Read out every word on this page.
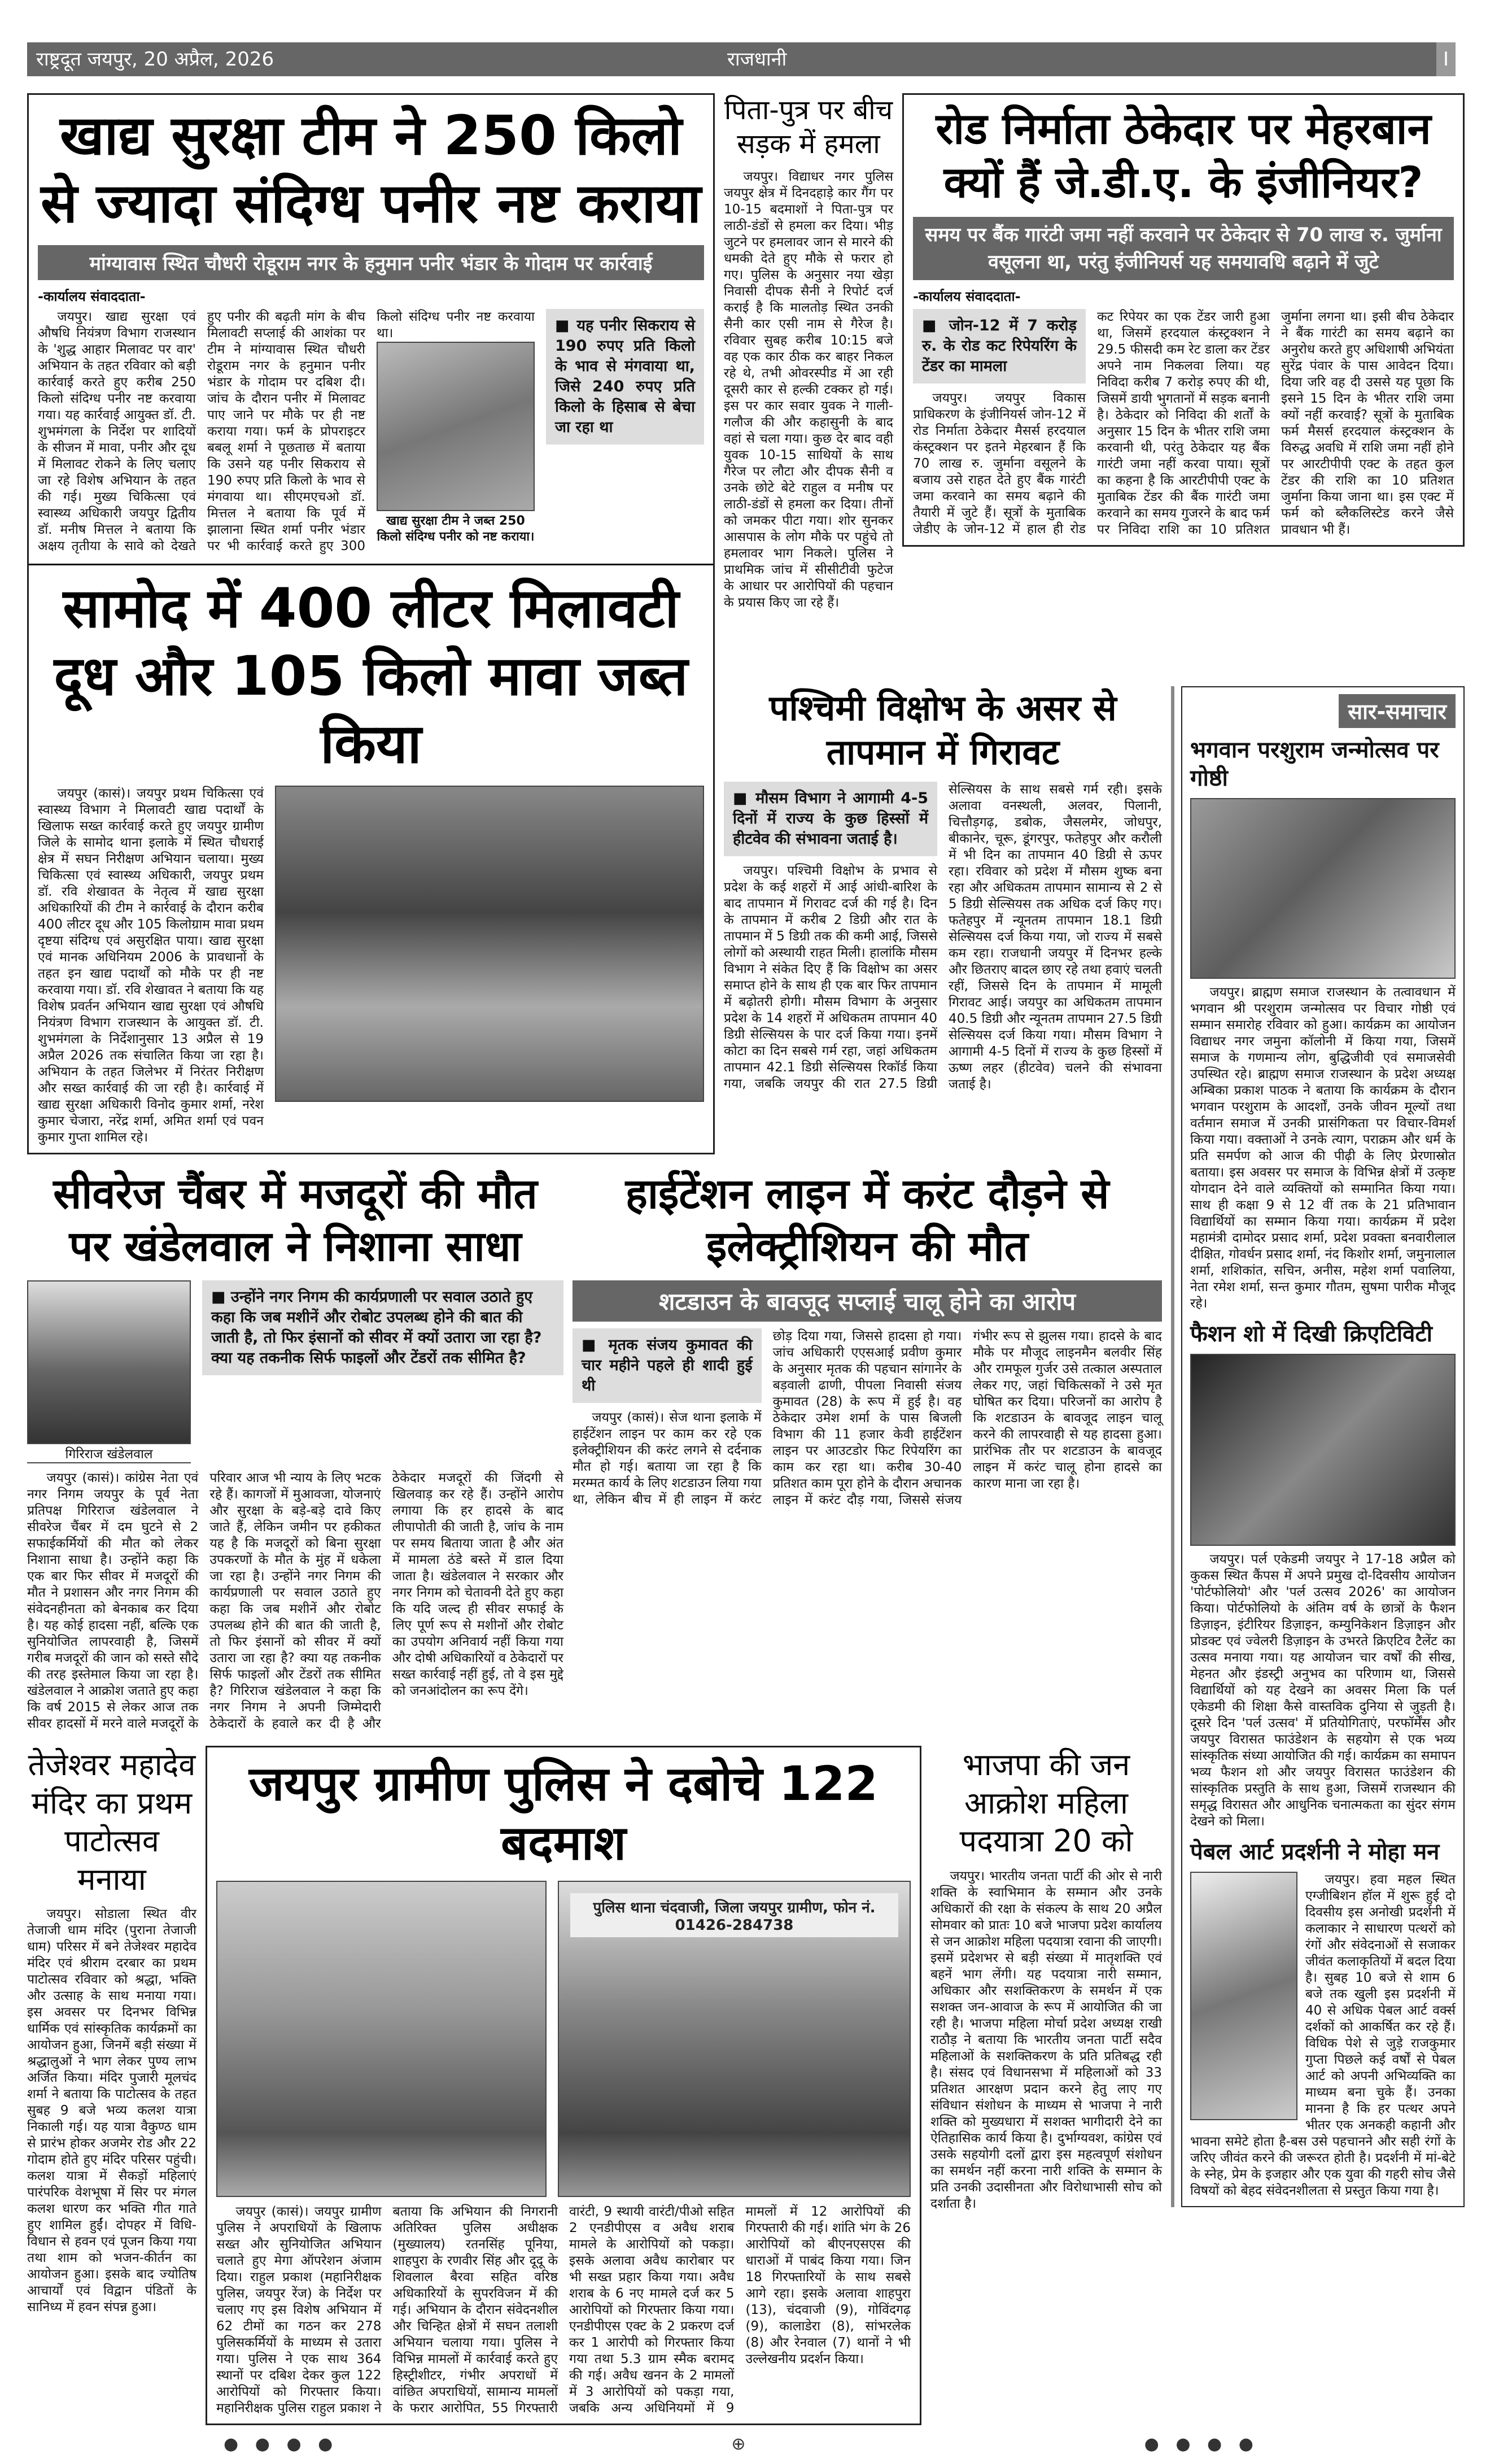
राष्ट्रदूत जयपुर, 20 अप्रैल, 2026	राजधानी	I
खाद्य सुरक्षा टीम ने 250 किलो से ज्यादा संदिग्ध पनीर नष्ट कराया
मांग्यावास स्थित चौधरी रोडूराम नगर के हनुमान पनीर भंडार के गोदाम पर कार्रवाई
-कार्यालय संवाददाता-

जयपुर। खाद्य सुरक्षा एवं औषधि नियंत्रण विभाग राजस्थान के 'शुद्ध आहार मिलावट पर वार' अभियान के तहत रविवार को बड़ी कार्रवाई करते हुए करीब 250 किलो संदिग्ध पनीर नष्ट करवाया गया। यह कार्रवाई आयुक्त डॉ. टी. शुभमंगला के निर्देश पर शादियों के सीजन में मावा, पनीर और दूध में मिलावट रोकने के लिए चलाए जा रहे विशेष अभियान के तहत की गई। मुख्य चिकित्सा एवं स्वास्थ्य अधिकारी जयपुर द्वितीय डॉ. मनीष मित्तल ने बताया कि अक्षय तृतीया के सावे को देखते हुए पनीर की बढ़ती मांग के बीच मिलावटी सप्लाई की आशंका पर टीम ने मांग्यावास स्थित चौधरी रोडूराम नगर के हनुमान पनीर भंडार के गोदाम पर दबिश दी। जांच के दौरान पनीर में मिलावट पाए जाने पर मौके पर ही नष्ट कराया गया। फर्म के प्रोपराइटर बबलू शर्मा ने पूछताछ में बताया कि उसने यह पनीर सिकराय से 190 रुपए प्रति किलो के भाव से मंगवाया था। सीएमएचओ डॉ. मित्तल ने बताया कि पूर्व में झालाना स्थित शर्मा पनीर भंडार पर भी कार्रवाई करते हुए 300 किलो संदिग्ध पनीर नष्ट करवाया था।

खाद्य सुरक्षा टीम ने जब्त 250 किलो संदिग्ध पनीर को नष्ट कराया।
■ यह पनीर सिकराय से 190 रुपए प्रति किलो के भाव से मंगवाया था, जिसे 240 रुपए प्रति किलो के हिसाब से बेचा जा रहा था
सामोद में 400 लीटर मिलावटी दूध और 105 किलो मावा जब्त किया

जयपुर (कासं)। जयपुर प्रथम चिकित्सा एवं स्वास्थ्य विभाग ने मिलावटी खाद्य पदार्थों के खिलाफ सख्त कार्रवाई करते हुए जयपुर ग्रामीण जिले के सामोद थाना इलाके में स्थित चौधराई क्षेत्र में सघन निरीक्षण अभियान चलाया। मुख्य चिकित्सा एवं स्वास्थ्य अधिकारी, जयपुर प्रथम डॉ. रवि शेखावत के नेतृत्व में खाद्य सुरक्षा अधिकारियों की टीम ने कार्रवाई के दौरान करीब 400 लीटर दूध और 105 किलोग्राम मावा प्रथम दृष्टया संदिग्ध एवं असुरक्षित पाया। खाद्य सुरक्षा एवं मानक अधिनियम 2006 के प्रावधानों के तहत इन खाद्य पदार्थों को मौके पर ही नष्ट करवाया गया। डॉ. रवि शेखावत ने बताया कि यह विशेष प्रवर्तन अभियान खाद्य सुरक्षा एवं औषधि नियंत्रण विभाग राजस्थान के आयुक्त डॉ. टी. शुभमंगला के निर्देशानुसार 13 अप्रैल से 19 अप्रैल 2026 तक संचालित किया जा रहा है। अभियान के तहत जिलेभर में निरंतर निरीक्षण और सख्त कार्रवाई की जा रही है। कार्रवाई में खाद्य सुरक्षा अधिकारी विनोद कुमार शर्मा, नरेश कुमार चेजारा, नरेंद्र शर्मा, अमित शर्मा एवं पवन कुमार गुप्ता शामिल रहे।

पिता-पुत्र पर बीच सड़क में हमला

जयपुर। विद्याधर नगर पुलिस जयपुर क्षेत्र में दिनदहाड़े कार गैंग पर 10-15 बदमाशों ने पिता-पुत्र पर लाठी-डंडों से हमला कर दिया। भीड़ जुटने पर हमलावर जान से मारने की धमकी देते हुए मौके से फरार हो गए। पुलिस के अनुसार नया खेड़ा निवासी दीपक सैनी ने रिपोर्ट दर्ज कराई है कि मालतोड़ स्थित उनकी सैनी कार एसी नाम से गैरेज है। रविवार सुबह करीब 10:15 बजे वह एक कार ठीक कर बाहर निकल रहे थे, तभी ओवरस्पीड में आ रही दूसरी कार से हल्की टक्कर हो गई। इस पर कार सवार युवक ने गाली-गलौज की और कहासुनी के बाद वहां से चला गया। कुछ देर बाद वही युवक 10-15 साथियों के साथ गैरेज पर लौटा और दीपक सैनी व उनके छोटे बेटे राहुल व मनीष पर लाठी-डंडों से हमला कर दिया। तीनों को जमकर पीटा गया। शोर सुनकर आसपास के लोग मौके पर पहुंचे तो हमलावर भाग निकले। पुलिस ने प्राथमिक जांच में सीसीटीवी फुटेज के आधार पर आरोपियों की पहचान के प्रयास किए जा रहे हैं।

रोड निर्माता ठेकेदार पर मेहरबान क्यों हैं जे.डी.ए. के इंजीनियर?
समय पर बैंक गारंटी जमा नहीं करवाने पर ठेकेदार से 70 लाख रु. जुर्माना वसूलना था, परंतु इंजीनियर्स यह समयावधि बढ़ाने में जुटे
-कार्यालय संवाददाता-
■ जोन-12 में 7 करोड़ रु. के रोड कट रिपेयरिंग के टेंडर का मामला

जयपुर। जयपुर विकास प्राधिकरण के इंजीनियर्स जोन-12 में रोड निर्माता ठेकेदार मैसर्स हरदयाल कंस्ट्रक्शन पर इतने मेहरबान हैं कि 70 लाख रु. जुर्माना वसूलने के बजाय उसे राहत देते हुए बैंक गारंटी जमा करवाने का समय बढ़ाने की तैयारी में जुटे हैं। सूत्रों के मुताबिक जेडीए के जोन-12 में हाल ही रोड कट रिपेयर का एक टेंडर जारी हुआ था, जिसमें हरदयाल कंस्ट्रक्शन ने 29.5 फीसदी कम रेट डाला कर टेंडर अपने नाम निकलवा लिया। यह निविदा करीब 7 करोड़ रुपए की थी, जिसमें डायी भुगतानों में सड़क बनानी है। ठेकेदार को निविदा की शर्तों के अनुसार 15 दिन के भीतर राशि जमा करवानी थी, परंतु ठेकेदार यह बैंक गारंटी जमा नहीं करवा पाया। सूत्रों का कहना है कि आरटीपीपी एक्ट के मुताबिक टेंडर की बैंक गारंटी जमा करवाने का समय गुजरने के बाद फर्म पर निविदा राशि का 10 प्रतिशत जुर्माना लगना था। इसी बीच ठेकेदार ने बैंक गारंटी का समय बढ़ाने का अनुरोध करते हुए अधिशाषी अभियंता सुरेंद्र पंवार के पास आवेदन दिया। दिया जरि वह दी उससे यह पूछा कि इसने 15 दिन के भीतर राशि जमा क्यों नहीं करवाई? सूत्रों के मुताबिक फर्म मैसर्स हरदयाल कंस्ट्रक्शन के विरुद्ध अवधि में राशि जमा नहीं होने पर आरटीपीपी एक्ट के तहत कुल टेंडर की राशि का 10 प्रतिशत जुर्माना किया जाना था। इस एक्ट में फर्म को ब्लैकलिस्टेड करने जैसे प्रावधान भी हैं।

पश्चिमी विक्षोभ के असर से तापमान में गिरावट
■ मौसम विभाग ने आगामी 4-5 दिनों में राज्य के कुछ हिस्सों में हीटवेव की संभावना जताई है।

जयपुर। पश्चिमी विक्षोभ के प्रभाव से प्रदेश के कई शहरों में आई आंधी-बारिश के बाद तापमान में गिरावट दर्ज की गई है। दिन के तापमान में करीब 2 डिग्री और रात के तापमान में 5 डिग्री तक की कमी आई, जिससे लोगों को अस्थायी राहत मिली। हालांकि मौसम विभाग ने संकेत दिए हैं कि विक्षोभ का असर समाप्त होने के साथ ही एक बार फिर तापमान में बढ़ोतरी होगी। मौसम विभाग के अनुसार प्रदेश के 14 शहरों में अधिकतम तापमान 40 डिग्री सेल्सियस के पार दर्ज किया गया। इनमें कोटा का दिन सबसे गर्म रहा, जहां अधिकतम तापमान 42.1 डिग्री सेल्सियस रिकॉर्ड किया गया, जबकि जयपुर की रात 27.5 डिग्री सेल्सियस के साथ सबसे गर्म रही। इसके अलावा वनस्थली, अलवर, पिलानी, चित्तौड़गढ़, डबोक, जैसलमेर, जोधपुर, बीकानेर, चूरू, डूंगरपुर, फतेहपुर और करौली में भी दिन का तापमान 40 डिग्री से ऊपर रहा। रविवार को प्रदेश में मौसम शुष्क बना रहा और अधिकतम तापमान सामान्य से 2 से 5 डिग्री सेल्सियस तक अधिक दर्ज किए गए। फतेहपुर में न्यूनतम तापमान 18.1 डिग्री सेल्सियस दर्ज किया गया, जो राज्य में सबसे कम रहा। राजधानी जयपुर में दिनभर हल्के और छितराए बादल छाए रहे तथा हवाएं चलती रहीं, जिससे दिन के तापमान में मामूली गिरावट आई। जयपुर का अधिकतम तापमान 40.5 डिग्री और न्यूनतम तापमान 27.5 डिग्री सेल्सियस दर्ज किया गया। मौसम विभाग ने आगामी 4-5 दिनों में राज्य के कुछ हिस्सों में ऊष्ण लहर (हीटवेव) चलने की संभावना जताई है।

सार-समाचार
भगवान परशुराम जन्मोत्सव पर गोष्ठी

जयपुर। ब्राह्मण समाज राजस्थान के तत्वावधान में भगवान श्री परशुराम जन्मोत्सव पर विचार गोष्ठी एवं सम्मान समारोह रविवार को हुआ। कार्यक्रम का आयोजन विद्याधर नगर जमुना कॉलोनी में किया गया, जिसमें समाज के गणमान्य लोग, बुद्धिजीवी एवं समाजसेवी उपस्थित रहे। ब्राह्मण समाज राजस्थान के प्रदेश अध्यक्ष अम्बिका प्रकाश पाठक ने बताया कि कार्यक्रम के दौरान भगवान परशुराम के आदर्शों, उनके जीवन मूल्यों तथा वर्तमान समाज में उनकी प्रासंगिकता पर विचार-विमर्श किया गया। वक्ताओं ने उनके त्याग, पराक्रम और धर्म के प्रति समर्पण को आज की पीढ़ी के लिए प्रेरणास्रोत बताया। इस अवसर पर समाज के विभिन्न क्षेत्रों में उत्कृष्ट योगदान देने वाले व्यक्तियों को सम्मानित किया गया। साथ ही कक्षा 9 से 12 वीं तक के 21 प्रतिभावान विद्यार्थियों का सम्मान किया गया। कार्यक्रम में प्रदेश महामंत्री दामोदर प्रसाद शर्मा, प्रदेश प्रवक्ता बनवारीलाल दीक्षित, गोवर्धन प्रसाद शर्मा, नंद किशोर शर्मा, जमुनालाल शर्मा, शशिकांत, सचिन, अनीस, महेश शर्मा पवालिया, नेता रमेश शर्मा, सन्त कुमार गौतम, सुषमा पारीक मौजूद रहे।

फैशन शो में दिखी क्रिएटिविटी

जयपुर। पर्ल एकेडमी जयपुर ने 17-18 अप्रैल को कुकस स्थित कैंपस में अपने प्रमुख दो-दिवसीय आयोजन 'पोर्टफोलियो' और 'पर्ल उत्सव 2026' का आयोजन किया। पोर्टफोलियो के अंतिम वर्ष के छात्रों के फैशन डिज़ाइन, इंटीरियर डिज़ाइन, कम्युनिकेशन डिज़ाइन और प्रोडक्ट एवं ज्वेलरी डिज़ाइन के उभरते क्रिएटिव टैलेंट का उत्सव मनाया गया। यह आयोजन चार वर्षों की सीख, मेहनत और इंडस्ट्री अनुभव का परिणाम था, जिससे विद्यार्थियों को यह देखने का अवसर मिला कि पर्ल एकेडमी की शिक्षा कैसे वास्तविक दुनिया से जुड़ती है। दूसरे दिन 'पर्ल उत्सव' में प्रतियोगिताएं, परफॉर्मेंस और जयपुर विरासत फाउंडेशन के सहयोग से एक भव्य सांस्कृतिक संध्या आयोजित की गई। कार्यक्रम का समापन भव्य फैशन शो और जयपुर विरासत फाउंडेशन की सांस्कृतिक प्रस्तुति के साथ हुआ, जिसमें राजस्थान की समृद्ध विरासत और आधुनिक चनात्मकता का सुंदर संगम देखने को मिला।

पेबल आर्ट प्रदर्शनी ने मोहा मन

जयपुर। हवा महल स्थित एग्जीबिशन हॉल में शुरू हुई दो दिवसीय इस अनोखी प्रदर्शनी में कलाकार ने साधारण पत्थरों को रंगों और संवेदनाओं से सजाकर जीवंत कलाकृतियों में बदल दिया है। सुबह 10 बजे से शाम 6 बजे तक खुली इस प्रदर्शनी में 40 से अधिक पेबल आर्ट वर्क्स दर्शकों को आकर्षित कर रहे हैं। विधिक पेशे से जुड़े राजकुमार गुप्ता पिछले कई वर्षों से पेबल आर्ट को अपनी अभिव्यक्ति का माध्यम बना चुके हैं। उनका मानना है कि हर पत्थर अपने भीतर एक अनकही कहानी और भावना समेटे होता है-बस उसे पहचानने और सही रंगों के जरिए जीवंत करने की जरूरत होती है। प्रदर्शनी में मां-बेटे के स्नेह, प्रेम के इजहार और एक युवा की गहरी सोच जैसे विषयों को बेहद संवेदनशीलता से प्रस्तुत किया गया है।

सीवरेज चैंबर में मजदूरों की मौत पर खंडेलवाल ने निशाना साधा
गिरिराज खंडेलवाल
■ उन्होंने नगर निगम की कार्यप्रणाली पर सवाल उठाते हुए कहा कि जब मशीनें और रोबोट उपलब्ध होने की बात की जाती है, तो फिर इंसानों को सीवर में क्यों उतारा जा रहा है? क्या यह तकनीक सिर्फ फाइलों और टेंडरों तक सीमित है?

जयपुर (कासं)। कांग्रेस नेता एवं नगर निगम जयपुर के पूर्व नेता प्रतिपक्ष गिरिराज खंडेलवाल ने सीवरेज चैंबर में दम घुटने से 2 सफाईकर्मियों की मौत को लेकर निशाना साधा है। उन्होंने कहा कि एक बार फिर सीवर में मजदूरों की मौत ने प्रशासन और नगर निगम की संवेदनहीनता को बेनकाब कर दिया है। यह कोई हादसा नहीं, बल्कि एक सुनियोजित लापरवाही है, जिसमें गरीब मजदूरों की जान को सस्ते सौदे की तरह इस्तेमाल किया जा रहा है। खंडेलवाल ने आक्रोश जताते हुए कहा कि वर्ष 2015 से लेकर आज तक सीवर हादसों में मरने वाले मजदूरों के परिवार आज भी न्याय के लिए भटक रहे हैं। कागजों में मुआवजा, योजनाएं और सुरक्षा के बड़े-बड़े दावे किए जाते हैं, लेकिन जमीन पर हकीकत यह है कि मजदूरों को बिना सुरक्षा उपकरणों के मौत के मुंह में धकेला जा रहा है। उन्होंने नगर निगम की कार्यप्रणाली पर सवाल उठाते हुए कहा कि जब मशीनें और रोबोट उपलब्ध होने की बात की जाती है, तो फिर इंसानों को सीवर में क्यों उतारा जा रहा है? क्या यह तकनीक सिर्फ फाइलों और टेंडरों तक सीमित है? गिरिराज खंडेलवाल ने कहा कि नगर निगम ने अपनी जिम्मेदारी ठेकेदारों के हवाले कर दी है और ठेकेदार मजदूरों की जिंदगी से खिलवाड़ कर रहे हैं। उन्होंने आरोप लगाया कि हर हादसे के बाद लीपापोती की जाती है, जांच के नाम पर समय बिताया जाता है और अंत में मामला ठंडे बस्ते में डाल दिया जाता है। खंडेलवाल ने सरकार और नगर निगम को चेतावनी देते हुए कहा कि यदि जल्द ही सीवर सफाई के लिए पूर्ण रूप से मशीनों और रोबोट का उपयोग अनिवार्य नहीं किया गया और दोषी अधिकारियों व ठेकेदारों पर सख्त कार्रवाई नहीं हुई, तो वे इस मुद्दे को जनआंदोलन का रूप देंगे।

हाईटेंशन लाइन में करंट दौड़ने से इलेक्ट्रीशियन की मौत
शटडाउन के बावजूद सप्लाई चालू होने का आरोप
■ मृतक संजय कुमावत की चार महीने पहले ही शादी हुई थी

जयपुर (कासं)। सेज थाना इलाके में हाईटेंशन लाइन पर काम कर रहे एक इलेक्ट्रीशियन की करंट लगने से दर्दनाक मौत हो गई। बताया जा रहा है कि मरम्मत कार्य के लिए शटडाउन लिया गया था, लेकिन बीच में ही लाइन में करंट छोड़ दिया गया, जिससे हादसा हो गया। जांच अधिकारी एएसआई प्रवीण कुमार के अनुसार मृतक की पहचान सांगानेर के बड़वाली ढाणी, पीपला निवासी संजय कुमावत (28) के रूप में हुई है। वह ठेकेदार उमेश शर्मा के पास बिजली विभाग की 11 हजार केवी हाईटेंशन लाइन पर आउटडोर फिट रिपेयरिंग का काम कर रहा था। करीब 30-40 प्रतिशत काम पूरा होने के दौरान अचानक लाइन में करंट दौड़ गया, जिससे संजय गंभीर रूप से झुलस गया। हादसे के बाद मौके पर मौजूद लाइनमैन बलवीर सिंह और रामफूल गुर्जर उसे तत्काल अस्पताल लेकर गए, जहां चिकित्सकों ने उसे मृत घोषित कर दिया। परिजनों का आरोप है कि शटडाउन के बावजूद लाइन चालू करने की लापरवाही से यह हादसा हुआ। प्रारंभिक तौर पर शटडाउन के बावजूद लाइन में करंट चालू होना हादसे का कारण माना जा रहा है।

तेजेश्वर महादेव मंदिर का प्रथम पाटोत्सव मनाया

जयपुर। सोडाला स्थित वीर तेजाजी धाम मंदिर (पुराना तेजाजी धाम) परिसर में बने तेजेश्वर महादेव मंदिर एवं श्रीराम दरबार का प्रथम पाटोत्सव रविवार को श्रद्धा, भक्ति और उत्साह के साथ मनाया गया। इस अवसर पर दिनभर विभिन्न धार्मिक एवं सांस्कृतिक कार्यक्रमों का आयोजन हुआ, जिनमें बड़ी संख्या में श्रद्धालुओं ने भाग लेकर पुण्य लाभ अर्जित किया। मंदिर पुजारी मूलचंद शर्मा ने बताया कि पाटोत्सव के तहत सुबह 9 बजे भव्य कलश यात्रा निकाली गई। यह यात्रा वैकुण्ठ धाम से प्रारंभ होकर अजमेर रोड और 22 गोदाम होते हुए मंदिर परिसर पहुंची। कलश यात्रा में सैकड़ों महिलाएं पारंपरिक वेशभूषा में सिर पर मंगल कलश धारण कर भक्ति गीत गाते हुए शामिल हुईं। दोपहर में विधि-विधान से हवन एवं पूजन किया गया तथा शाम को भजन-कीर्तन का आयोजन हुआ। इसके बाद ज्योतिष आचार्यों एवं विद्वान पंडितों के सानिध्य में हवन संपन्न हुआ।

जयपुर ग्रामीण पुलिस ने दबोचे 122 बदमाश
पुलिस थाना चंदवाजी, जिला जयपुर ग्रामीण, फोन नं. 01426-284738

जयपुर (कासं)। जयपुर ग्रामीण पुलिस ने अपराधियों के खिलाफ सख्त और सुनियोजित अभियान चलाते हुए मेगा ऑपरेशन अंजाम दिया। राहुल प्रकाश (महानिरीक्षक पुलिस, जयपुर रेंज) के निर्देश पर चलाए गए इस विशेष अभियान में 62 टीमों का गठन कर 278 पुलिसकर्मियों के माध्यम से उतारा गया। पुलिस ने एक साथ 364 स्थानों पर दबिश देकर कुल 122 आरोपियों को गिरफ्तार किया। महानिरीक्षक पुलिस राहुल प्रकाश ने बताया कि अभियान की निगरानी अतिरिक्त पुलिस अधीक्षक (मुख्यालय) रतनसिंह पूनिया, शाहपुरा के रणवीर सिंह और दूदू के शिवलाल बैरवा सहित वरिष्ठ अधिकारियों के सुपरविजन में की गई। अभियान के दौरान संवेदनशील और चिन्हित क्षेत्रों में सघन तलाशी अभियान चलाया गया। पुलिस ने विभिन्न मामलों में कार्रवाई करते हुए हिस्ट्रीशीटर, गंभीर अपराधों में वांछित अपराधियों, सामान्य मामलों के फरार आरोपित, 55 गिरफ्तारी वारंटी, 9 स्थायी वारंटी/पीओ सहित 2 एनडीपीएस व अवैध शराब मामले के आरोपियों को पकड़ा। इसके अलावा अवैध कारोबार पर भी सख्त प्रहार किया गया। अवैध शराब के 6 नए मामले दर्ज कर 5 आरोपियों को गिरफ्तार किया गया। एनडीपीएस एक्ट के 2 प्रकरण दर्ज कर 1 आरोपी को गिरफ्तार किया गया तथा 5.3 ग्राम स्मैक बरामद की गई। अवैध खनन के 2 मामलों में 3 आरोपियों को पकड़ा गया, जबकि अन्य अधिनियमों में 9 मामलों में 12 आरोपियों की गिरफ्तारी की गई। शांति भंग के 26 आरोपियों को बीएनएसएस की धाराओं में पाबंद किया गया। जिन 18 गिरफ्तारियों के साथ सबसे आगे रहा। इसके अलावा शाहपुरा (13), चंदवाजी (9), गोविंदगढ़ (9), कालाडेरा (8), सांभरलेक (8) और रेनवाल (7) थानों ने भी उल्लेखनीय प्रदर्शन किया।

भाजपा की जन आक्रोश महिला पदयात्रा 20 को

जयपुर। भारतीय जनता पार्टी की ओर से नारी शक्ति के स्वाभिमान के सम्मान और उनके अधिकारों की रक्षा के संकल्प के साथ 20 अप्रैल सोमवार को प्रातः 10 बजे भाजपा प्रदेश कार्यालय से जन आक्रोश महिला पदयात्रा रवाना की जाएगी। इसमें प्रदेशभर से बड़ी संख्या में मातृशक्ति एवं बहनें भाग लेंगी। यह पदयात्रा नारी सम्मान, अधिकार और सशक्तिकरण के समर्थन में एक सशक्त जन-आवाज के रूप में आयोजित की जा रही है। भाजपा महिला मोर्चा प्रदेश अध्यक्ष राखी राठौड़ ने बताया कि भारतीय जनता पार्टी सदैव महिलाओं के सशक्तिकरण के प्रति प्रतिबद्ध रही है। संसद एवं विधानसभा में महिलाओं को 33 प्रतिशत आरक्षण प्रदान करने हेतु लाए गए संविधान संशोधन के माध्यम से भाजपा ने नारी शक्ति को मुख्यधारा में सशक्त भागीदारी देने का ऐतिहासिक कार्य किया है। दुर्भाग्यवश, कांग्रेस एवं उसके सहयोगी दलों द्वारा इस महत्वपूर्ण संशोधन का समर्थन नहीं करना नारी शक्ति के सम्मान के प्रति उनकी उदासीनता और विरोधाभासी सोच को दर्शाता है।

● ● ● ●	⊕	● ● ● ●
